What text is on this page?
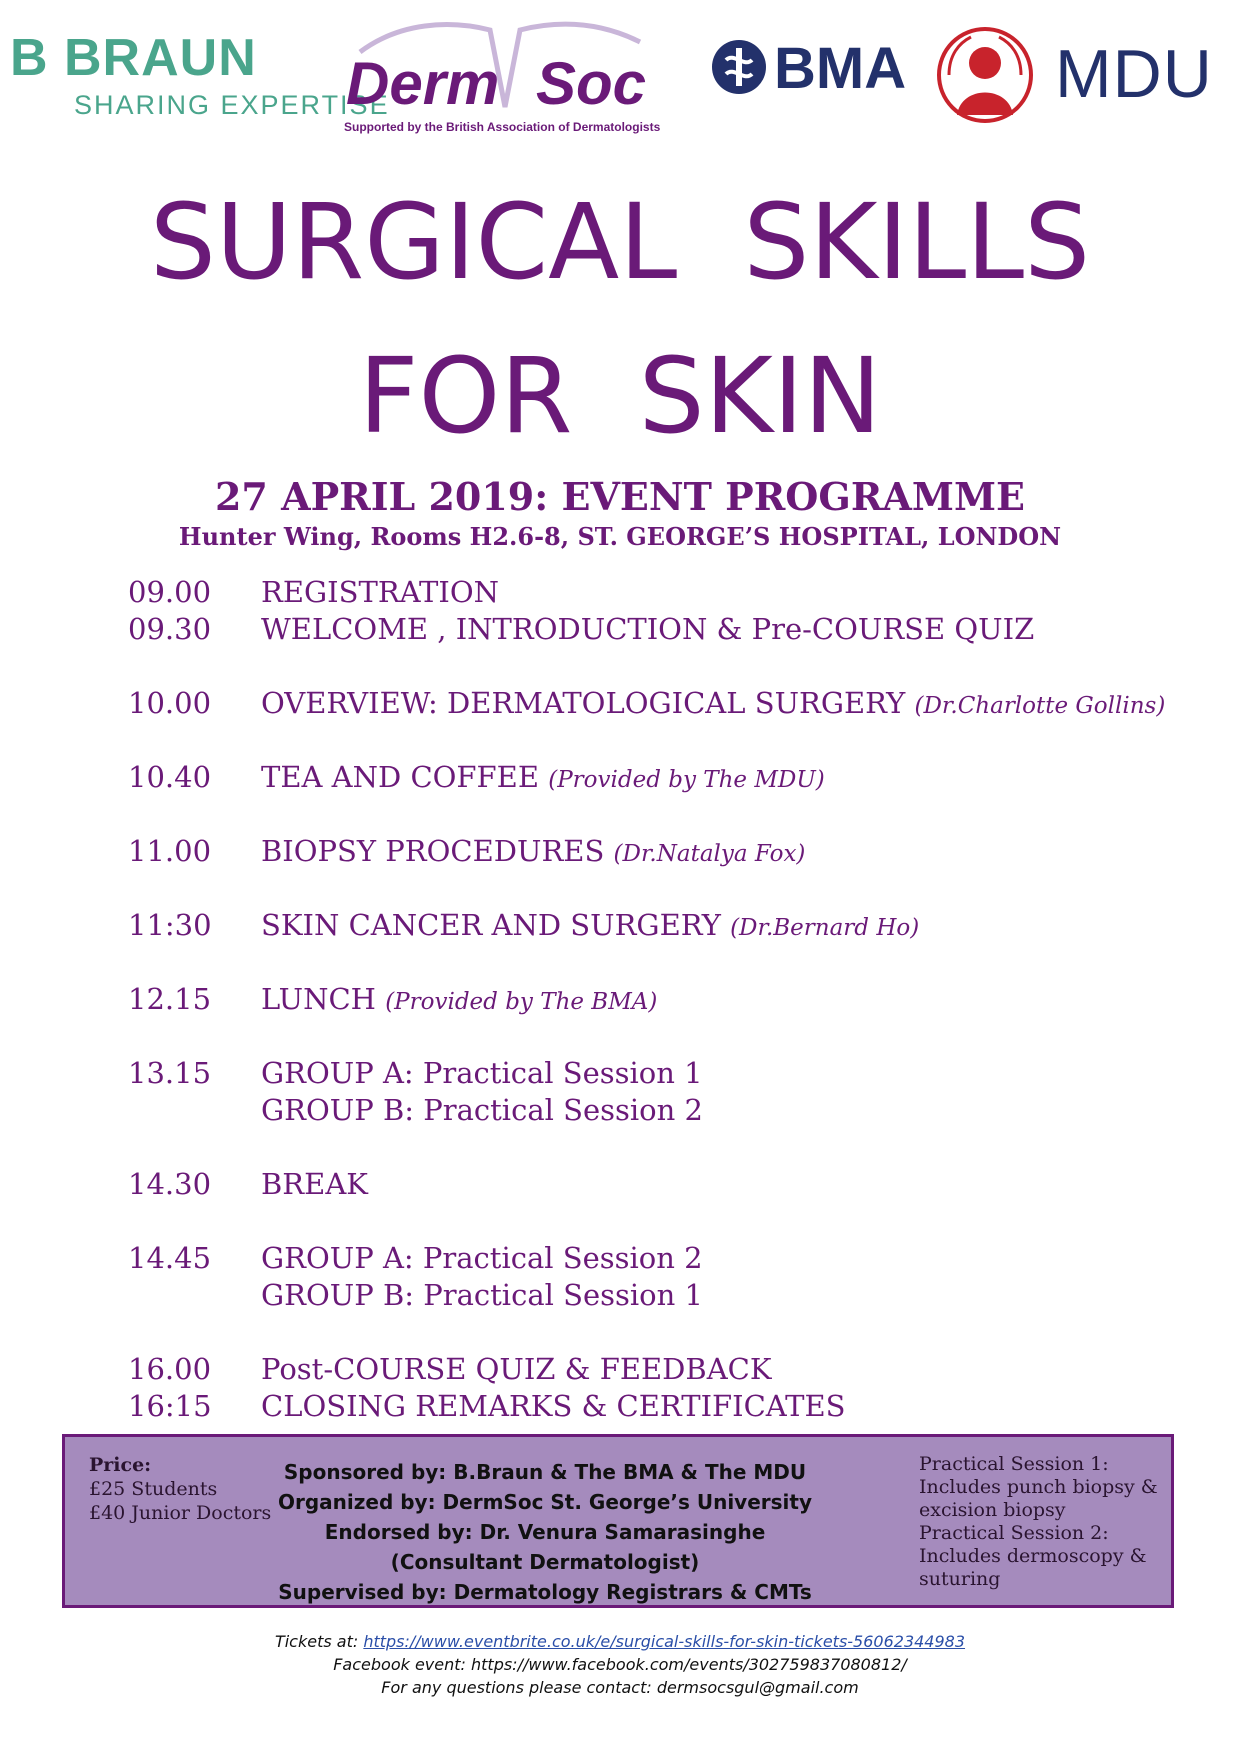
B BRAUN
SHARING EXPERTISE
Derm Soc
Supported by the British Association of Dermatologists
BMA MDU
SURGICAL  SKILLS
FOR  SKIN
27 APRIL 2019: EVENT PROGRAMME
Hunter Wing, Rooms H2.6-8, ST. GEORGE’S HOSPITAL, LONDON
09.00 REGISTRATION
09.30 WELCOME , INTRODUCTION & Pre-COURSE QUIZ
10.00 OVERVIEW: DERMATOLOGICAL SURGERY (Dr.Charlotte Gollins)
10.40 TEA AND COFFEE (Provided by The MDU)
11.00 BIOPSY PROCEDURES (Dr.Natalya Fox)
11:30 SKIN CANCER AND SURGERY (Dr.Bernard Ho)
12.15 LUNCH (Provided by The BMA)
13.15 GROUP A: Practical Session 1
GROUP B: Practical Session 2
14.30 BREAK
14.45 GROUP A: Practical Session 2
GROUP B: Practical Session 1
16.00 Post-COURSE QUIZ & FEEDBACK
16:15 CLOSING REMARKS & CERTIFICATES
Price:
£25 Students
£40 Junior Doctors
Sponsored by: B.Braun & The BMA & The MDU
Organized by: DermSoc St. George’s University
Endorsed by: Dr. Venura Samarasinghe (Consultant Dermatologist)
Supervised by: Dermatology Registrars & CMTs
Practical Session 1: Includes punch biopsy & excision biopsy
Practical Session 2: Includes dermoscopy & suturing
Tickets at: https://www.eventbrite.co.uk/e/surgical-skills-for-skin-tickets-56062344983
Facebook event: https://www.facebook.com/events/302759837080812/
For any questions please contact: dermsocsgul@gmail.com
